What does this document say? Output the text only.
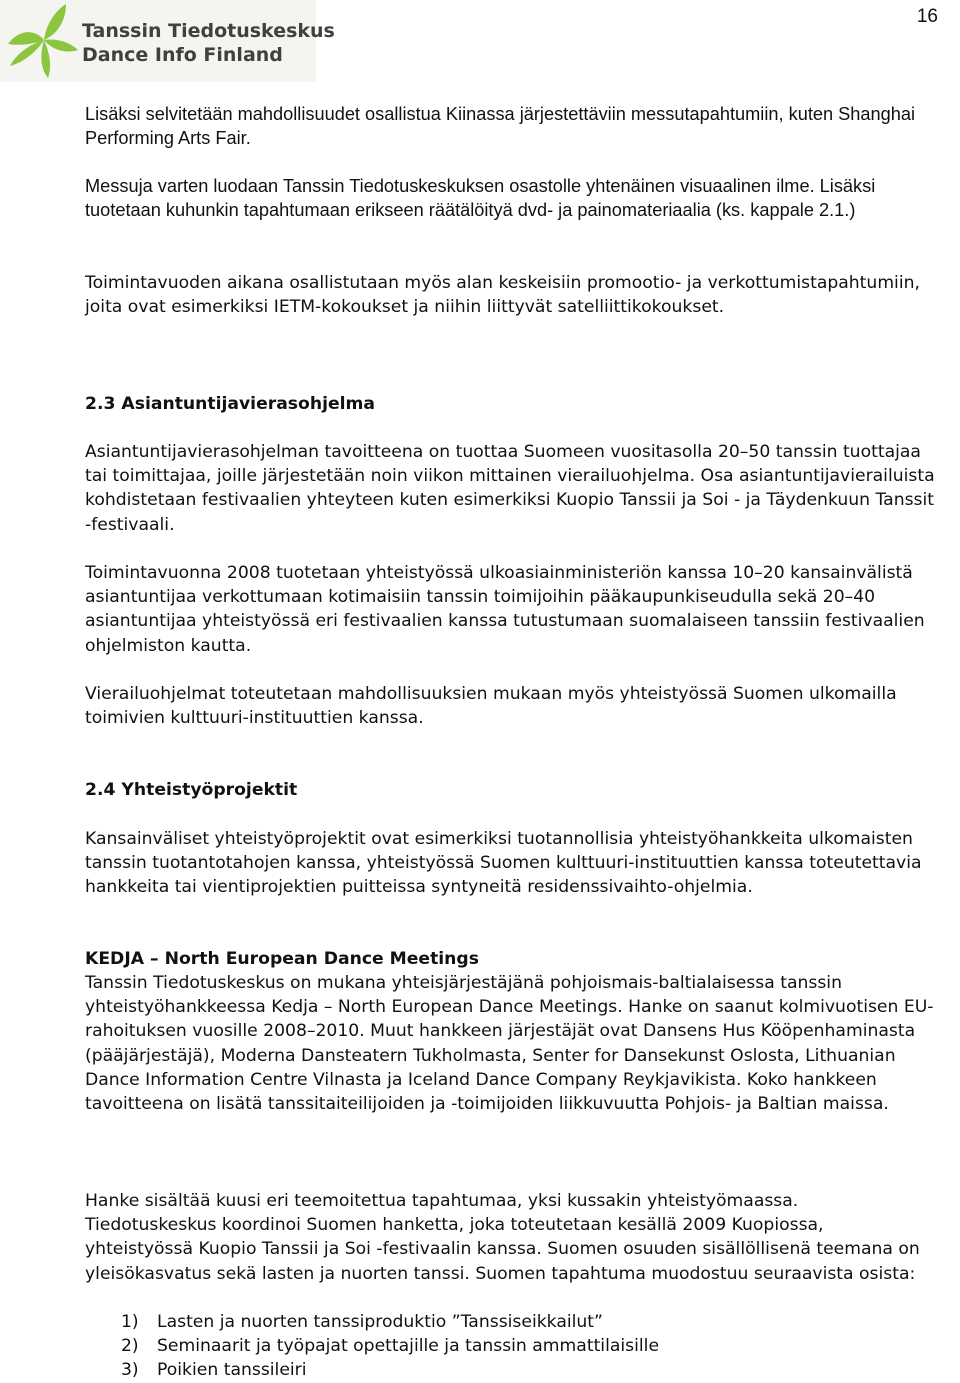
Tanssin Tiedotuskeskus
Dance Info Finland
16

Lisäksi selvitetään mahdollisuudet osallistua Kiinassa järjestettäviin messutapahtumiin, kuten Shanghai Performing Arts Fair.

Messuja varten luodaan Tanssin Tiedotuskeskuksen osastolle yhtenäinen visuaalinen ilme. Lisäksi tuotetaan kuhunkin tapahtumaan erikseen räätälöityä dvd- ja painomateriaalia (ks. kappale 2.1.)

Toimintavuoden aikana osallistutaan myös alan keskeisiin promootio- ja verkottumistapahtumiin, joita ovat esimerkiksi IETM-kokoukset ja niihin liittyvät satelliittikokoukset.

2.3 Asiantuntijavierasohjelma

Asiantuntijavierasohjelman tavoitteena on tuottaa Suomeen vuositasolla 20–50 tanssin tuottajaa tai toimittajaa, joille järjestetään noin viikon mittainen vierailuohjelma. Osa asiantuntijavierailuista kohdistetaan festivaalien yhteyteen kuten esimerkiksi Kuopio Tanssii ja Soi - ja Täydenkuun Tanssit -festivaali.

Toimintavuonna 2008 tuotetaan yhteistyössä ulkoasiainministeriön kanssa 10–20 kansainvälistä asiantuntijaa verkottumaan kotimaisiin tanssin toimijoihin pääkaupunkiseudulla sekä 20–40 asiantuntijaa yhteistyössä eri festivaalien kanssa tutustumaan suomalaiseen tanssiin festivaalien ohjelmiston kautta.

Vierailuohjelmat toteutetaan mahdollisuuksien mukaan myös yhteistyössä Suomen ulkomailla toimivien kulttuuri-instituuttien kanssa.

2.4 Yhteistyöprojektit

Kansainväliset yhteistyöprojektit ovat esimerkiksi tuotannollisia yhteistyöhankkeita ulkomaisten tanssin tuotantotahojen kanssa, yhteistyössä Suomen kulttuuri-instituuttien kanssa toteutettavia hankkeita tai vientiprojektien puitteissa syntyneitä residenssivaihto-ohjelmia.

KEDJA – North European Dance Meetings

Tanssin Tiedotuskeskus on mukana yhteisjärjestäjänä pohjoismais-baltialaisessa tanssin yhteistyöhankkeessa Kedja – North European Dance Meetings. Hanke on saanut kolmivuotisen EU-rahoituksen vuosille 2008–2010. Muut hankkeen järjestäjät ovat Dansens Hus Kööpenhaminasta (pääjärjestäjä), Moderna Dansteatern Tukholmasta, Senter for Dansekunst Oslosta, Lithuanian Dance Information Centre Vilnasta ja Iceland Dance Company Reykjavikista. Koko hankkeen tavoitteena on lisätä tanssitaiteilijoiden ja -toimijoiden liikkuvuutta Pohjois- ja Baltian maissa.

Hanke sisältää kuusi eri teemoitettua tapahtumaa, yksi kussakin yhteistyömaassa. Tiedotuskeskus koordinoi Suomen hanketta, joka toteutetaan kesällä 2009 Kuopiossa, yhteistyössä Kuopio Tanssii ja Soi -festivaalin kanssa. Suomen osuuden sisällöllisenä teemana on yleisökasvatus sekä lasten ja nuorten tanssi. Suomen tapahtuma muodostuu seuraavista osista:

1) Lasten ja nuorten tanssiproduktio ”Tanssiseikkailut”
2) Seminaarit ja työpajat opettajille ja tanssin ammattilaisille
3) Poikien tanssileiri
